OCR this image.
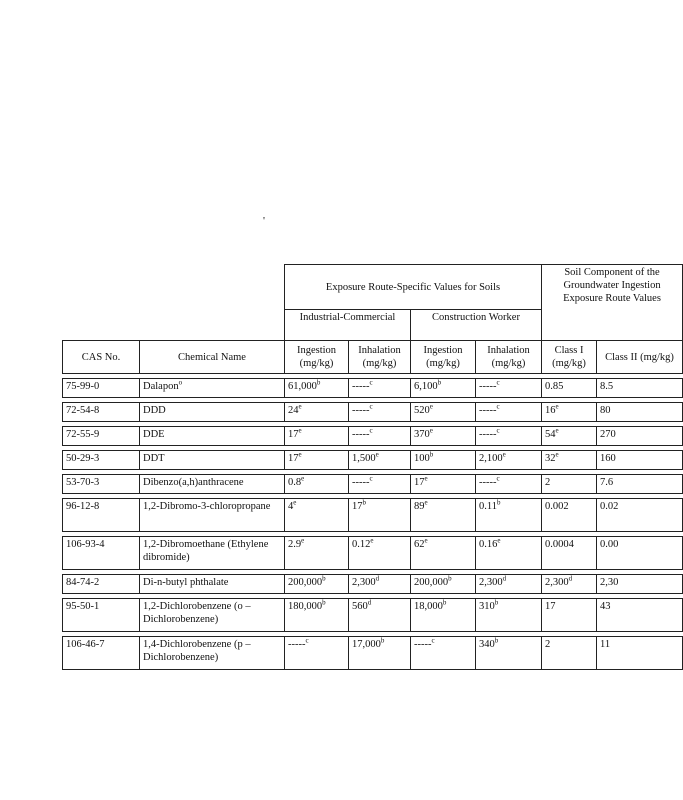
'
		Exposure Route-Specific Values for Soils				Soil Component of the Groundwater Ingestion Exposure Route Values	
		Industrial-Commercial		Construction Worker			
CAS No.	Chemical Name	Ingestion (mg/kg)	Inhalation (mg/kg)	Ingestion (mg/kg)	Inhalation (mg/kg)	Class I (mg/kg)	Class II (mg/kg)

75-99-0	Dalapon$^o$	61,000$^b$	-----$^c$	6,100$^b$	-----$^c$	0.85	8.5

72-54-8	DDD	24e	-----$^c$	520e	-----$^c$	16e	80

72-55-9	DDE	17e	-----$^c$	370e	-----$^c$	54e	270

50-29-3	DDT	17e	1,500e	100$^b$	2,100e	32e	160

53-70-3	Dibenzo(a,h)anthracene	0.8e	-----$^c$	17e	-----$^c$	2	7.6

96-12-8	1,2-Dibromo-3-chloropropane	4e	17$^b$	89e	0.11$^b$	0.002	0.02

106-93-4	1,2-Dibromoethane (Ethylene dibromide)	2.9e	0.12e	62e	0.16e	0.0004	0.00

84-74-2	Di-n-butyl phthalate	200,000$^b$	2,300$^d$	200,000$^b$	2,300$^d$	2,300$^d$	2,30

95-50-1	1,2-Dichlorobenzene (o – Dichlorobenzene)	180,000$^b$	560$^d$	18,000$^b$	310$^b$	17	43

106-46-7	1,4-Dichlorobenzene (p – Dichlorobenzene)	-----$^c$	17,000$^b$	-----$^c$	340$^b$	2	11
